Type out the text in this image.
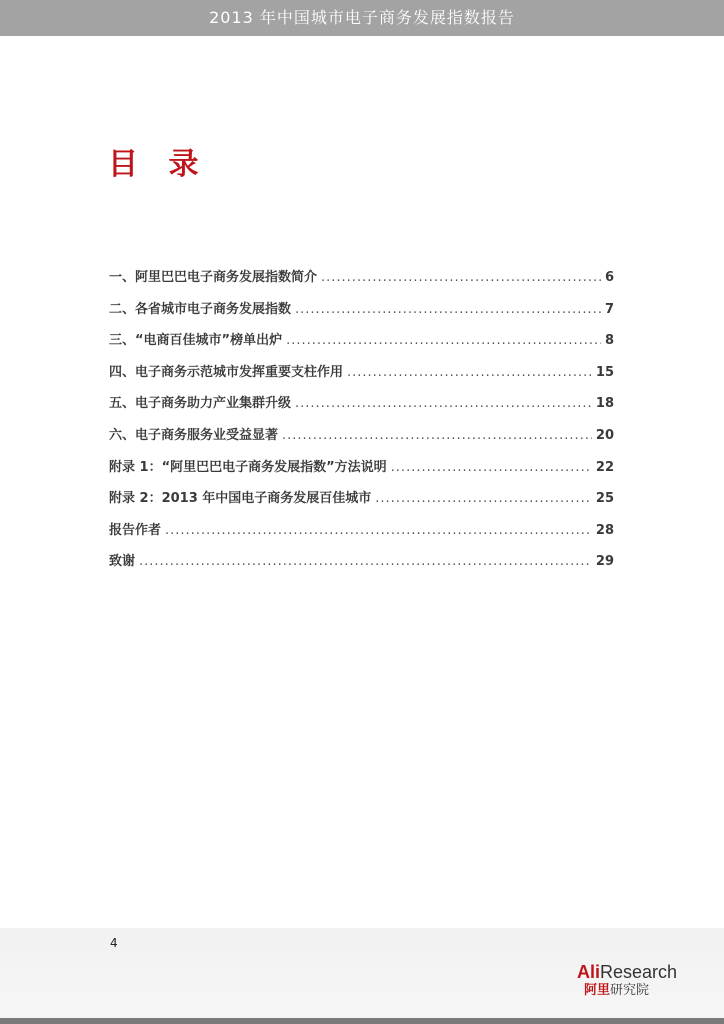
2013 年中国城市电子商务发展指数报告
目 录
一、阿里巴巴电子商务发展指数简介 .....	6
二、各省城市电子商务发展指数 .....	7
三、“电商百佳城市”榜单出炉 .....	8
四、电子商务示范城市发挥重要支柱作用 .....	15
五、电子商务助力产业集群升级 .....	18
六、电子商务服务业受益显著 .....	20
附录 1：“阿里巴巴电子商务发展指数”方法说明 .....	22
附录 2：2013 年中国电子商务发展百佳城市 .....	25
报告作者 .....	28
致谢 .....	29
4
AliResearch
阿里研究院
